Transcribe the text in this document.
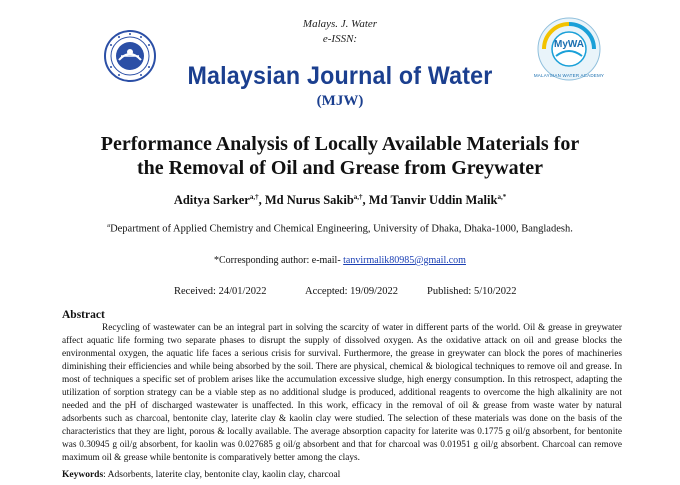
MyWA
MALAYSIAN WATER ACADEMY
Malays. J. Water
e-ISSN:
Malaysian Journal of Water
(MJW)
Performance Analysis of Locally Available Materials for
the Removal of Oil and Grease from Greywater
Aditya Sarker$^{a,\dagger}$, Md Nurus Sakib$^{a,\dagger}$, Md Tanvir Uddin Malik$^{a,*}$
$^a$Department of Applied Chemistry and Chemical Engineering, University of Dhaka, Dhaka-1000, Bangladesh.
*Corresponding author: e-mail- tanvirmalik80985@gmail.com
Received: 24/01/2022	Accepted: 19/09/2022	Published: 5/10/2022
Abstract
Recycling of wastewater can be an integral part in solving the scarcity of water in different parts of the world. Oil & grease in greywater affect aquatic life forming two separate phases to disrupt the supply of dissolved oxygen. As the oxidative attack on oil and grease blocks the environmental oxygen, the aquatic life faces a serious crisis for survival. Furthermore, the grease in greywater can block the pores of machineries diminishing their efficiencies and while being absorbed by the soil. There are physical, chemical & biological techniques to remove oil and grease. In most of techniques a specific set of problem arises like the accumulation excessive sludge, high energy consumption. In this retrospect, adapting the utilization of sorption strategy can be a viable step as no additional sludge is produced, additional reagents to overcome the high alkalinity are not needed and the pH of discharged wastewater is unaffected. In this work, efficacy in the removal of oil & grease from waste water by natural adsorbents such as charcoal, bentonite clay, laterite clay & kaolin clay were studied. The selection of these materials was done on the basis of the characteristics that they are light, porous & locally available. The average absorption capacity for laterite was 0.1775 g oil/g absorbent, for bentonite was 0.30945 g oil/g absorbent, for kaolin was 0.027685 g oil/g absorbent and that for charcoal was 0.01951 g oil/g absorbent. Charcoal can remove maximum oil & grease while bentonite is comparatively better among the clays.
Keywords: Adsorbents, laterite clay, bentonite clay, kaolin clay, charcoal
